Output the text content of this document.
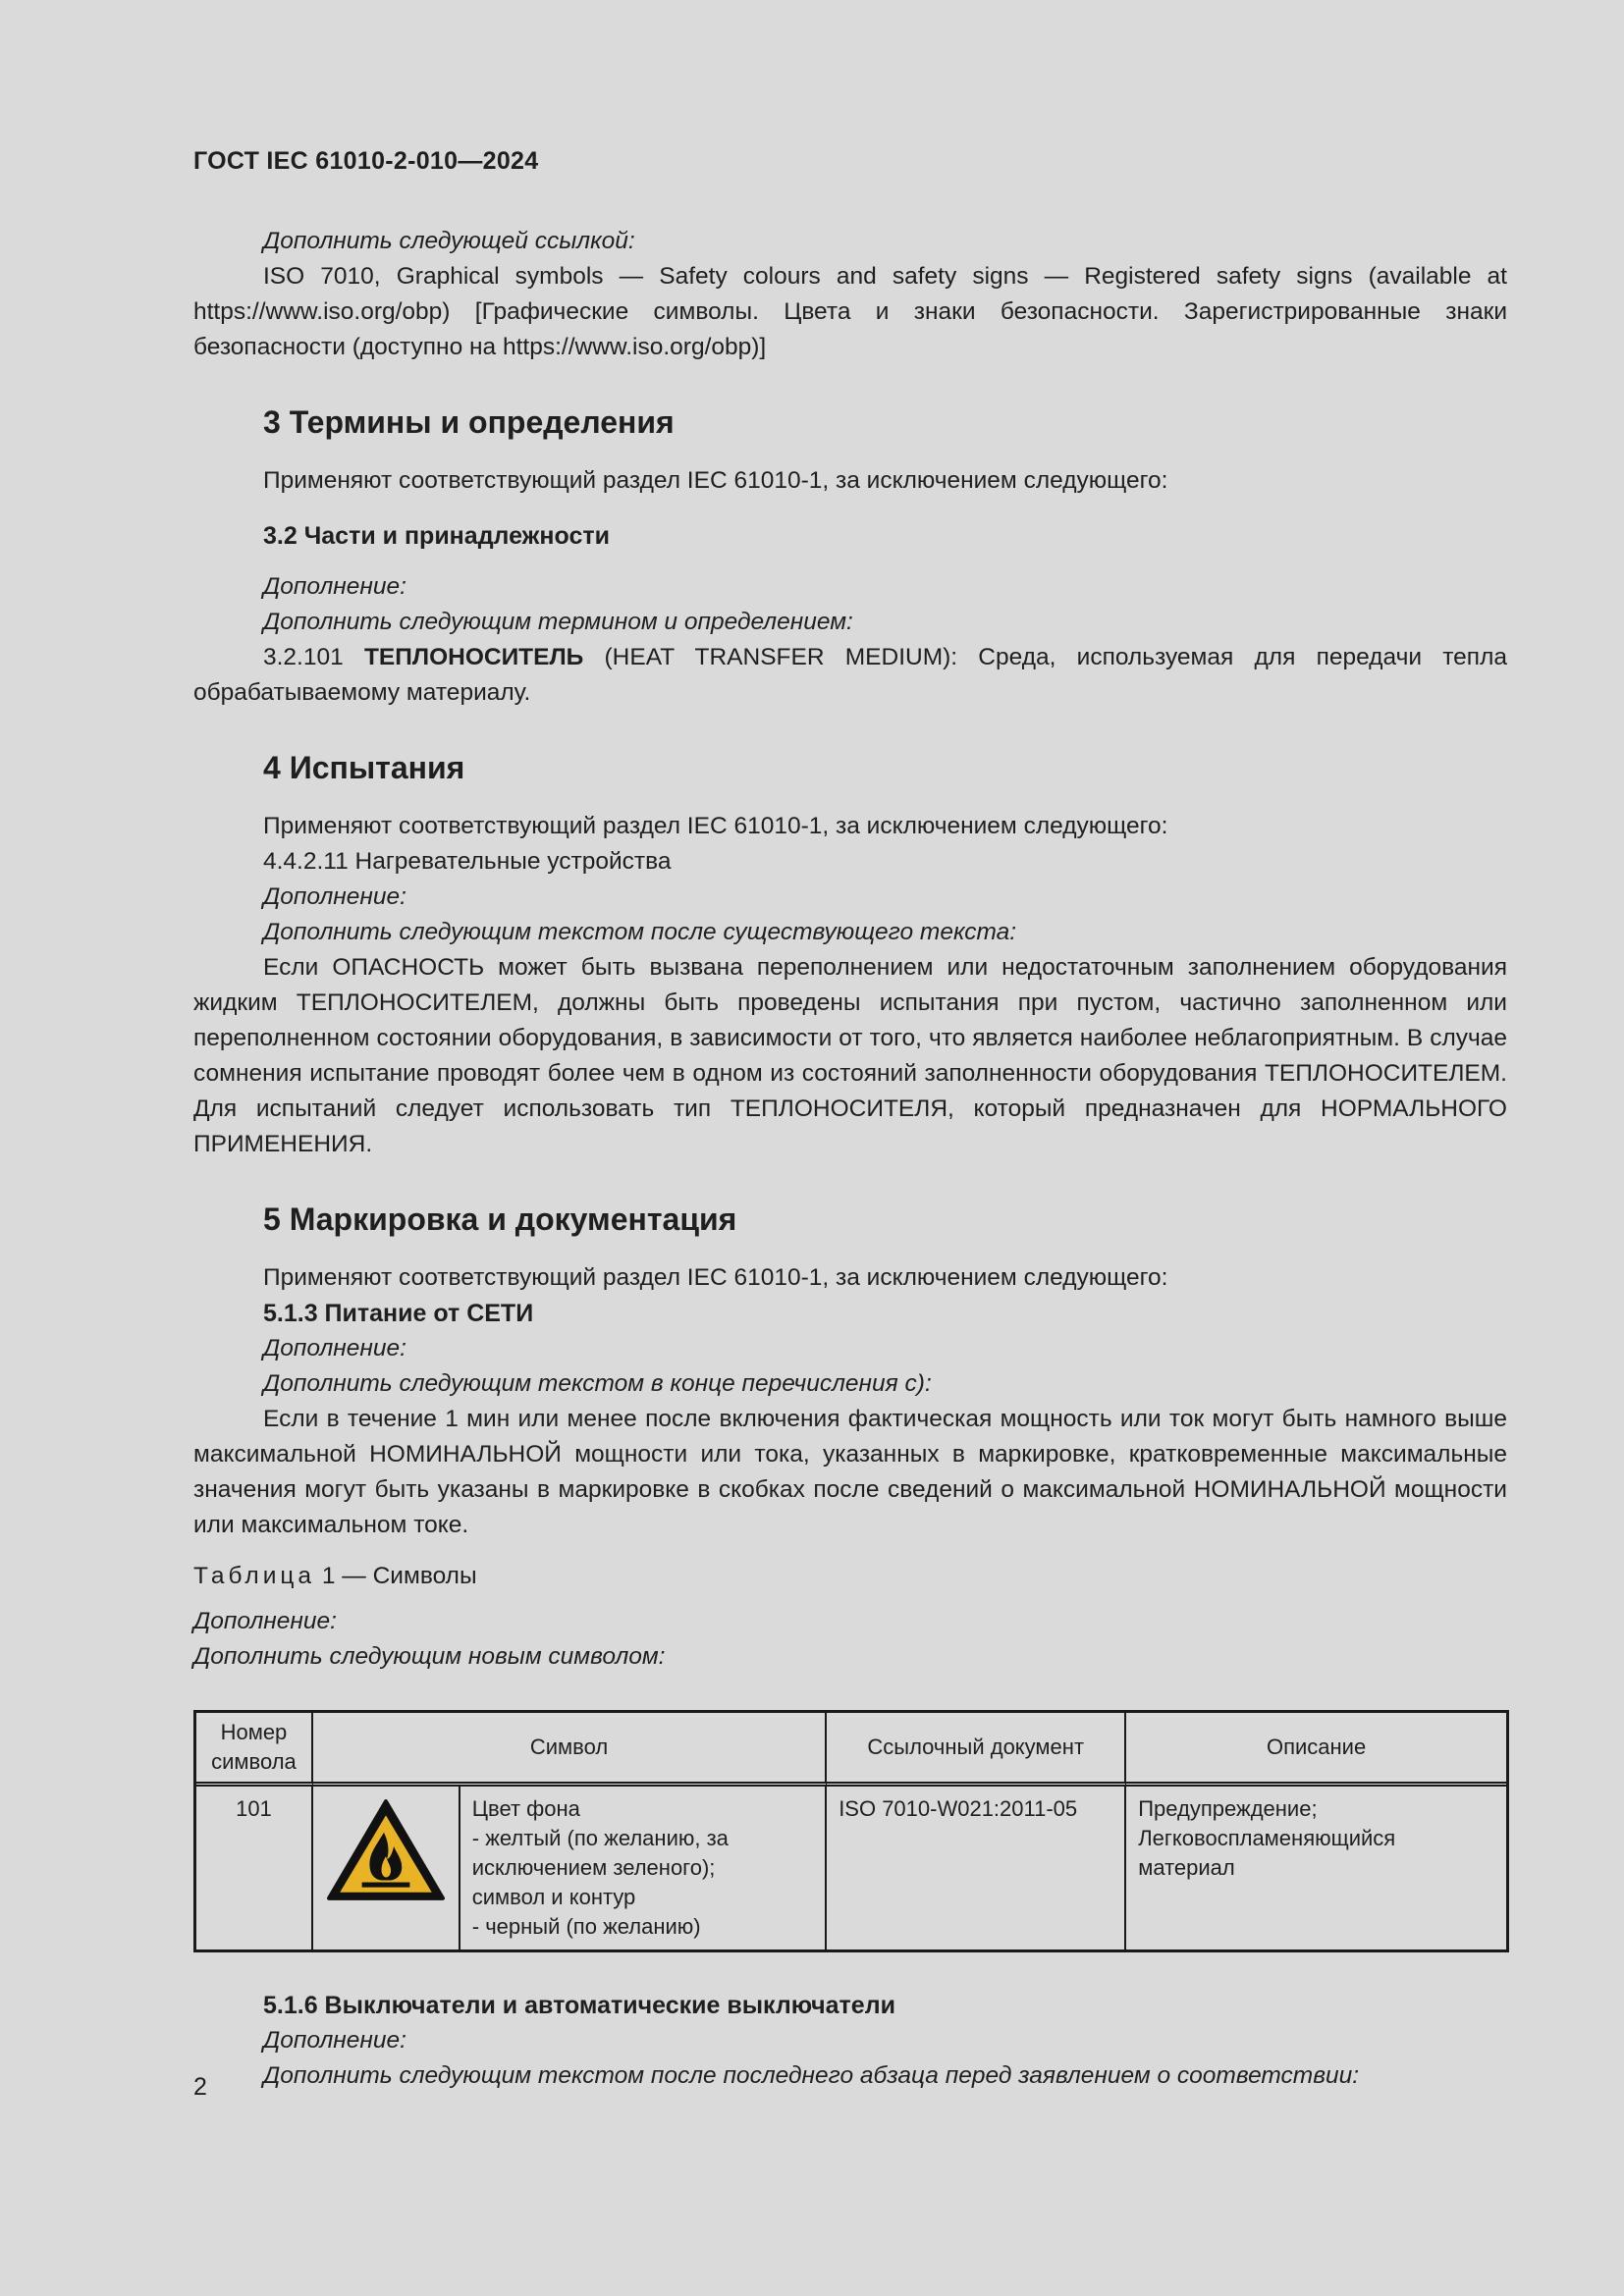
ГОСТ IEC 61010-2-010—2024

Дополнить следующей ссылкой:

ISO 7010, Graphical symbols — Safety colours and safety signs — Registered safety signs (available at https://www.iso.org/obp) [Графические символы. Цвета и знаки безопасности. Зарегистрированные знаки безопасности (доступно на https://www.iso.org/obp)]

3 Термины и определения

Применяют соответствующий раздел IEC 61010-1, за исключением следующего:

3.2 Части и принадлежности

Дополнение:

Дополнить следующим термином и определением:

3.2.101 ТЕПЛОНОСИТЕЛЬ (HEAT TRANSFER MEDIUM): Среда, используемая для передачи тепла обрабатываемому материалу.

4 Испытания

Применяют соответствующий раздел IEC 61010-1, за исключением следующего:

4.4.2.11 Нагревательные устройства

Дополнение:

Дополнить следующим текстом после существующего текста:

Если ОПАСНОСТЬ может быть вызвана переполнением или недостаточным заполнением оборудования жидким ТЕПЛОНОСИТЕЛЕМ, должны быть проведены испытания при пустом, частично заполненном или переполненном состоянии оборудования, в зависимости от того, что является наиболее неблагоприятным. В случае сомнения испытание проводят более чем в одном из состояний заполненности оборудования ТЕПЛОНОСИТЕЛЕМ. Для испытаний следует использовать тип ТЕПЛОНОСИТЕЛЯ, который предназначен для НОРМАЛЬНОГО ПРИМЕНЕНИЯ.

5 Маркировка и документация

Применяют соответствующий раздел IEC 61010-1, за исключением следующего:

5.1.3 Питание от СЕТИ

Дополнение:

Дополнить следующим текстом в конце перечисления с):

Если в течение 1 мин или менее после включения фактическая мощность или ток могут быть намного выше максимальной НОМИНАЛЬНОЙ мощности или тока, указанных в маркировке, кратковременные максимальные значения могут быть указаны в маркировке в скобках после сведений о максимальной НОМИНАЛЬНОЙ мощности или максимальном токе.

Таблица 1 — Символы

Дополнение:

Дополнить следующим новым символом:

Номер символа	Символ		Ссылочный документ	Описание
101		Цвет фона
- желтый (по желанию, за исключением зеленого);
символ и контур
- черный (по желанию)	ISO 7010-W021:2011-05	Предупреждение; Легковоспламеняющийся материал

5.1.6 Выключатели и автоматические выключатели

Дополнение:

Дополнить следующим текстом после последнего абзаца перед заявлением о соответствии:

2
